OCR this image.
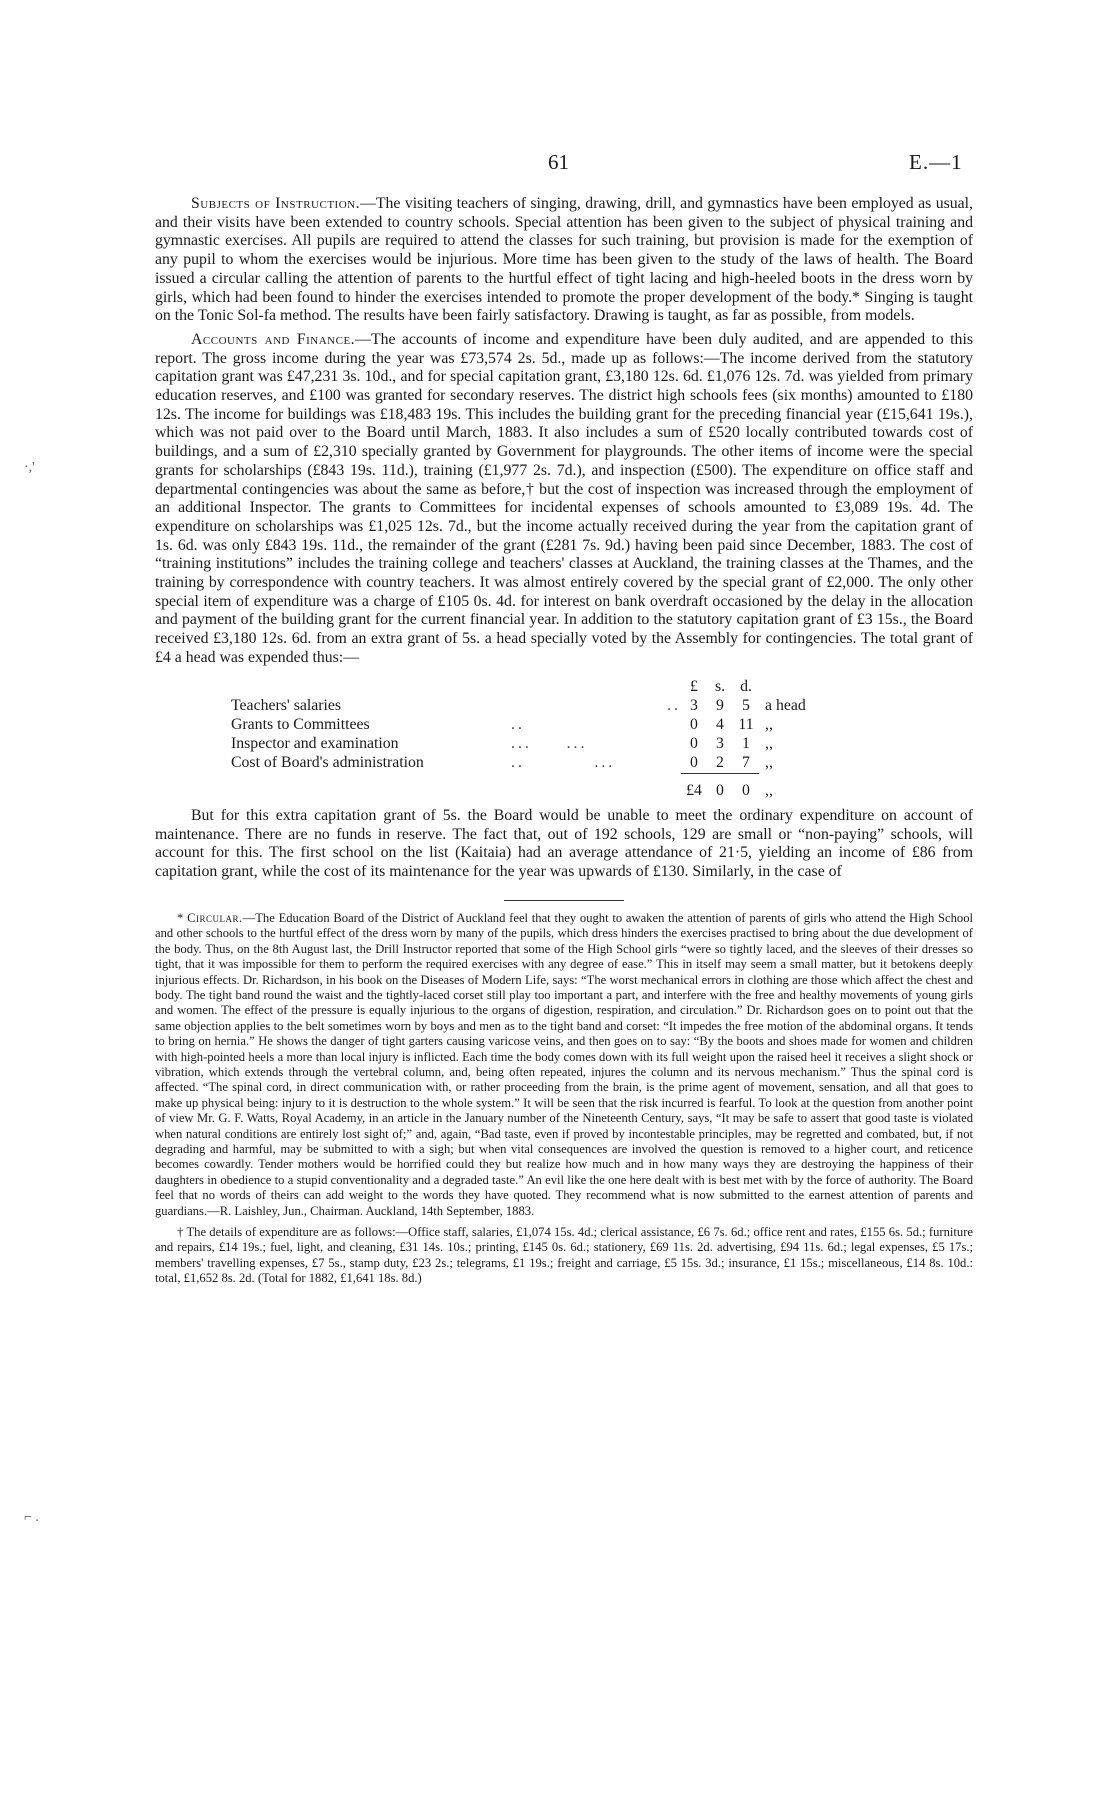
61	E.—1
·,'
⌐ .

Subjects of Instruction.—The visiting teachers of singing, drawing, drill, and gymnastics have been employed as usual, and their visits have been extended to country schools. Special attention has been given to the subject of physical training and gymnastic exercises. All pupils are required to attend the classes for such training, but provision is made for the exemption of any pupil to whom the exercises would be injurious. More time has been given to the study of the laws of health. The Board issued a circular calling the attention of parents to the hurtful effect of tight lacing and high-heeled boots in the dress worn by girls, which had been found to hinder the exercises intended to promote the proper development of the body.* Singing is taught on the Tonic Sol-fa method. The results have been fairly satisfactory. Drawing is taught, as far as possible, from models.

Accounts and Finance.—The accounts of income and expenditure have been duly audited, and are appended to this report. The gross income during the year was £73,574 2s. 5d., made up as follows:—The income derived from the statutory capitation grant was £47,231 3s. 10d., and for special capitation grant, £3,180 12s. 6d. £1,076 12s. 7d. was yielded from primary education reserves, and £100 was granted for secondary reserves. The district high schools fees (six months) amounted to £180 12s. The income for buildings was £18,483 19s. This includes the building grant for the preceding financial year (£15,641 19s.), which was not paid over to the Board until March, 1883. It also includes a sum of £520 locally contributed towards cost of buildings, and a sum of £2,310 specially granted by Government for playgrounds. The other items of income were the special grants for scholarships (£843 19s. 11d.), training (£1,977 2s. 7d.), and inspection (£500). The expenditure on office staff and departmental contingencies was about the same as before,† but the cost of inspection was increased through the employment of an additional Inspector. The grants to Committees for incidental expenses of schools amounted to £3,089 19s. 4d. The expenditure on scholarships was £1,025 12s. 7d., but the income actually received during the year from the capitation grant of 1s. 6d. was only £843 19s. 11d., the remainder of the grant (£281 7s. 9d.) having been paid since December, 1883. The cost of “training institutions” includes the training college and teachers' classes at Auckland, the training classes at the Thames, and the training by correspondence with country teachers. It was almost entirely covered by the special grant of £2,000. The only other special item of expenditure was a charge of £105 0s. 4d. for interest on bank overdraft occasioned by the delay in the allocation and payment of the building grant for the current financial year. In addition to the statutory capitation grant of £3 15s., the Board received £3,180 12s. 6d. from an extra grant of 5s. a head specially voted by the Assembly for contingencies. The total grant of £4 a head was expended thus:—

		£	s.	d.	
Teachers' salaries	..	3	9	5	a head
Grants to Committees	..	0	4	11	,,
Inspector and examination	...     ...	0	3	1	,,
Cost of Board's administration	..          ...	0	2	7	,,
		£4	0	0	,,

But for this extra capitation grant of 5s. the Board would be unable to meet the ordinary expenditure on account of maintenance. There are no funds in reserve. The fact that, out of 192 schools, 129 are small or “non-paying” schools, will account for this. The first school on the list (Kaitaia) had an average attendance of 21·5, yielding an income of £86 from capitation grant, while the cost of its maintenance for the year was upwards of £130. Similarly, in the case of

* Circular.—The Education Board of the District of Auckland feel that they ought to awaken the attention of parents of girls who attend the High School and other schools to the hurtful effect of the dress worn by many of the pupils, which dress hinders the exercises practised to bring about the due development of the body. Thus, on the 8th August last, the Drill Instructor reported that some of the High School girls “were so tightly laced, and the sleeves of their dresses so tight, that it was impossible for them to perform the required exercises with any degree of ease.” This in itself may seem a small matter, but it betokens deeply injurious effects. Dr. Richardson, in his book on the Diseases of Modern Life, says: “The worst mechanical errors in clothing are those which affect the chest and body. The tight band round the waist and the tightly-laced corset still play too important a part, and interfere with the free and healthy movements of young girls and women. The effect of the pressure is equally injurious to the organs of digestion, respiration, and circulation.” Dr. Richardson goes on to point out that the same objection applies to the belt sometimes worn by boys and men as to the tight band and corset: “It impedes the free motion of the abdominal organs. It tends to bring on hernia.” He shows the danger of tight garters causing varicose veins, and then goes on to say: “By the boots and shoes made for women and children with high-pointed heels a more than local injury is inflicted. Each time the body comes down with its full weight upon the raised heel it receives a slight shock or vibration, which extends through the vertebral column, and, being often repeated, injures the column and its nervous mechanism.” Thus the spinal cord is affected. “The spinal cord, in direct communication with, or rather proceeding from the brain, is the prime agent of movement, sensation, and all that goes to make up physical being: injury to it is destruction to the whole system.” It will be seen that the risk incurred is fearful. To look at the question from another point of view Mr. G. F. Watts, Royal Academy, in an article in the January number of the Nineteenth Century, says, “It may be safe to assert that good taste is violated when natural conditions are entirely lost sight of;” and, again, “Bad taste, even if proved by incontestable principles, may be regretted and combated, but, if not degrading and harmful, may be submitted to with a sigh; but when vital consequences are involved the question is removed to a higher court, and reticence becomes cowardly. Tender mothers would be horrified could they but realize how much and in how many ways they are destroying the happiness of their daughters in obedience to a stupid conventionality and a degraded taste.” An evil like the one here dealt with is best met with by the force of authority. The Board feel that no words of theirs can add weight to the words they have quoted. They recommend what is now submitted to the earnest attention of parents and guardians.—R. Laishley, Jun., Chairman. Auckland, 14th September, 1883.

† The details of expenditure are as follows:—Office staff, salaries, £1,074 15s. 4d.; clerical assistance, £6 7s. 6d.; office rent and rates, £155 6s. 5d.; furniture and repairs, £14 19s.; fuel, light, and cleaning, £31 14s. 10s.; printing, £145 0s. 6d.; stationery, £69 11s. 2d. advertising, £94 11s. 6d.; legal expenses, £5 17s.; members' travelling expenses, £7 5s., stamp duty, £23 2s.; telegrams, £1 19s.; freight and carriage, £5 15s. 3d.; insurance, £1 15s.; miscellaneous, £14 8s. 10d.: total, £1,652 8s. 2d. (Total for 1882, £1,641 18s. 8d.)
